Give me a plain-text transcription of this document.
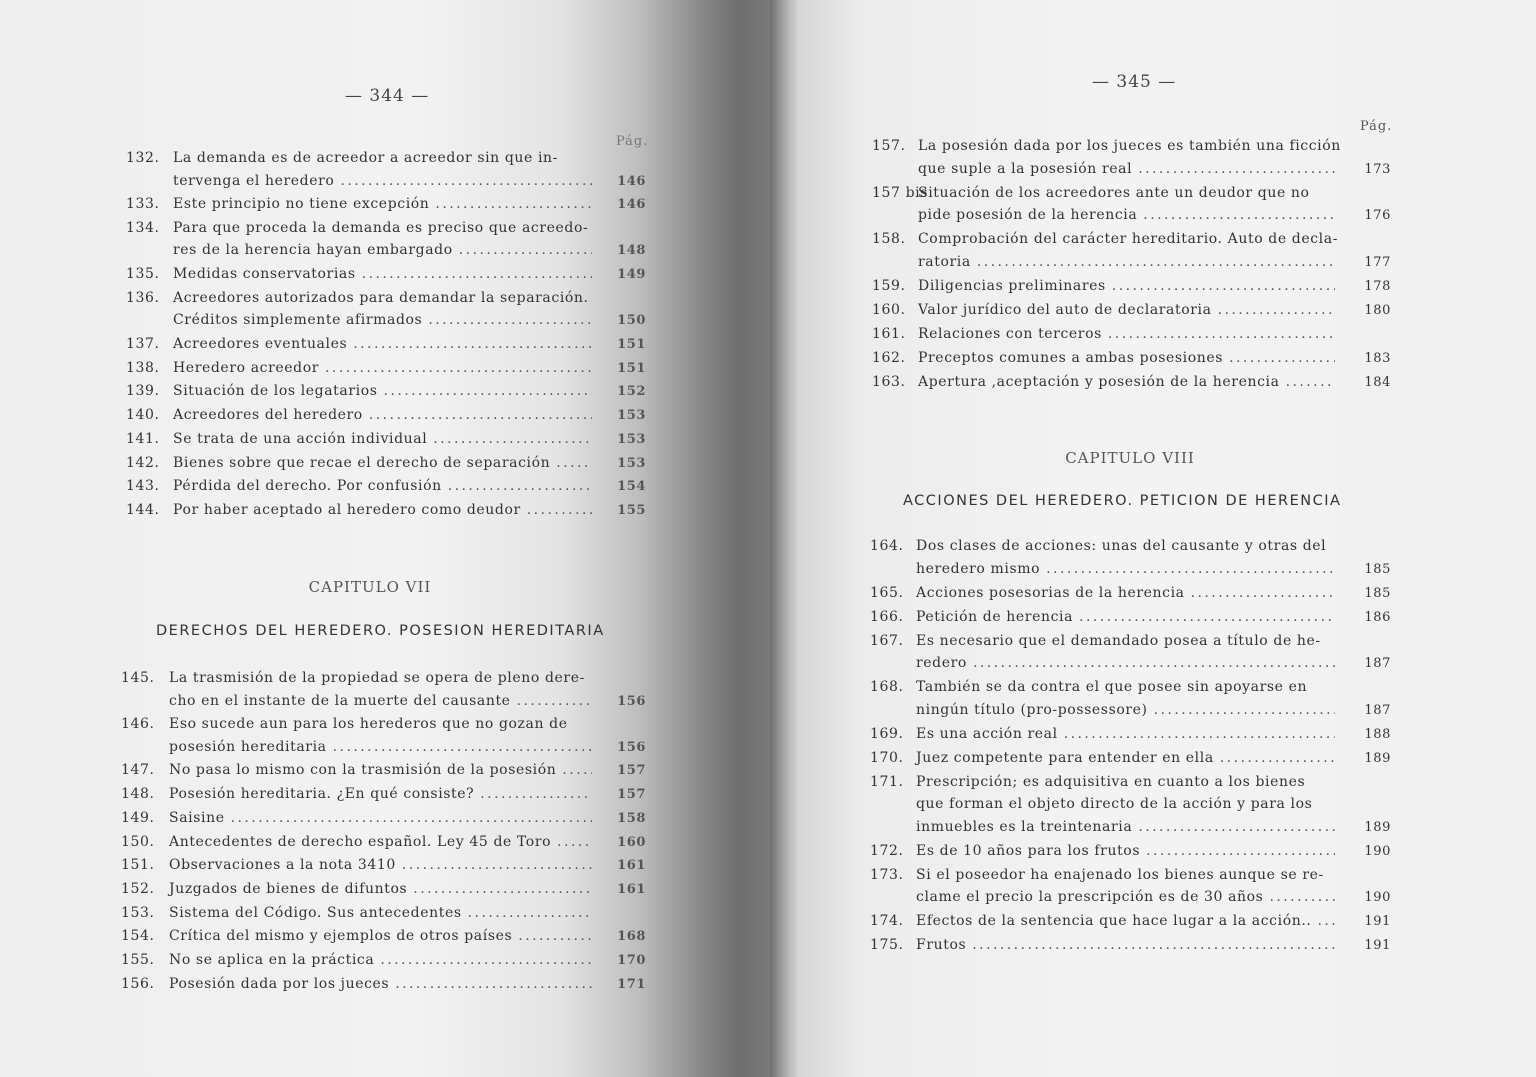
— 344 —
Pág.
132. La demanda es de acreedor a acreedor sin que in-
tervenga el heredero . . .	146
133. Este principio no tiene excepción . . .	146
134. Para que proceda la demanda es preciso que acreedo-
res de la herencia hayan embargado . . .	148
135. Medidas conservatorias . . .	149
136. Acreedores autorizados para demandar la separación.
Créditos simplemente afirmados . . .	150
137. Acreedores eventuales . . .	151
138. Heredero acreedor . . .	151
139. Situación de los legatarios . . .	152
140. Acreedores del heredero . . .	153
141. Se trata de una acción individual . . .	153
142. Bienes sobre que recae el derecho de separación . . .	153
143. Pérdida del derecho. Por confusión . . .	154
144. Por haber aceptado al heredero como deudor . . .	155
CAPITULO VII
DERECHOS DEL HEREDERO. POSESION HEREDITARIA
145. La trasmisión de la propiedad se opera de pleno dere-
cho en el instante de la muerte del causante . . .	156
146. Eso sucede aun para los herederos que no gozan de
posesión hereditaria . . .	156
147. No pasa lo mismo con la trasmisión de la posesión . . .	157
148. Posesión hereditaria. ¿En qué consiste? . . .	157
149. Saisine . . .	158
150. Antecedentes de derecho español. Ley 45 de Toro . . .	160
151. Observaciones a la nota 3410 . . .	161
152. Juzgados de bienes de difuntos . . .	161
153. Sistema del Código. Sus antecedentes
. . .
154. Crítica del mismo y ejemplos de otros países . . .	168
155. No se aplica en la práctica . . .	170
156. Posesión dada por los jueces . . .	171
— 345 —
Pág.
157. La posesión dada por los jueces es también una ficción
que suple a la posesión real . . .	173
157 bis
Situación de los acreedores ante un deudor que no
pide posesión de la herencia . . .	176
158. Comprobación del carácter hereditario. Auto de decla-
ratoria . . .	177
159. Diligencias preliminares . . .	178
160. Valor jurídico del auto de declaratoria . . .	180
161. Relaciones con terceros
. . .
162. Preceptos comunes a ambas posesiones . . .	183
163. Apertura ,aceptación y posesión de la herencia . . .	184
CAPITULO VIII
ACCIONES DEL HEREDERO. PETICION DE HERENCIA
164. Dos clases de acciones: unas del causante y otras del
heredero mismo . . .	185
165. Acciones posesorias de la herencia . . .	185
166. Petición de herencia . . .	186
167. Es necesario que el demandado posea a título de he-
redero . . .	187
168. También se da contra el que posee sin apoyarse en
ningún título (pro-possessore) . . .	187
169. Es una acción real . . .	188
170. Juez competente para entender en ella . . .	189
171. Prescripción; es adquisitiva en cuanto a los bienes
que forman el objeto directo de la acción y para los
inmuebles es la treintenaria . . .	189
172. Es de 10 años para los frutos . . .	190
173. Si el poseedor ha enajenado los bienes aunque se re-
clame el precio la prescripción es de 30 años . . .	190
174. Efectos de la sentencia que hace lugar a la acción.. . . .	191
175. Frutos . . .	191
